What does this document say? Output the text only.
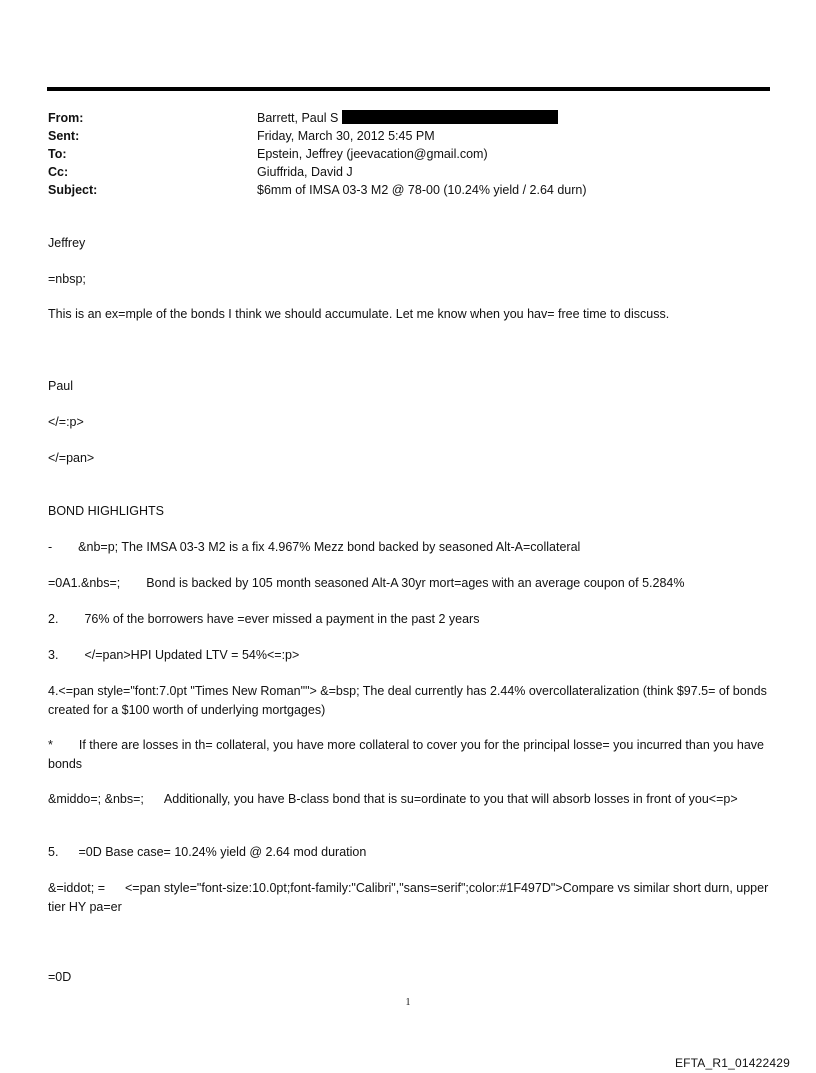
From:	Barrett, Paul S
Sent:	Friday, March 30, 2012 5:45 PM
To:	Epstein, Jeffrey (jeevacation@gmail.com)
Cc:	Giuffrida, David J
Subject:	$6mm of IMSA 03-3 M2 @ 78-00 (10.24% yield / 2.64 durn)
Jeffrey
=nbsp;
This is an ex=mple of the bonds I think we should accumulate. Let me know when you hav= free time to discuss.
Paul
</=:p>
</=pan>
BOND HIGHLIGHTS
- &nb=p; The IMSA 03-3 M2 is a fix 4.967% Mezz bond backed by seasoned Alt-A=collateral
=0A1.&nbs=; Bond is backed by 105 month seasoned Alt-A 30yr mort=ages with an average coupon of 5.284%
2. 76% of the borrowers have =ever missed a payment in the past 2 years
3. </=pan>HPI Updated LTV = 54%<=:p>
4.<=pan style="font:7.0pt "Times New Roman""> &=bsp; The deal currently has 2.44% overcollateralization (think $97.5= of bonds created for a $100 worth of underlying mortgages)
* If there are losses in th= collateral, you have more collateral to cover you for the principal losse= you incurred than you have bonds
&middo=; &nbs=; Additionally, you have B-class bond that is su=ordinate to you that will absorb losses in front of you<=p>
5. =0D Base case= 10.24% yield @ 2.64 mod duration
&=iddot; = <=pan style="font-size:10.0pt;font-family:"Calibri","sans=serif";color:#1F497D">Compare vs similar short durn, upper tier HY pa=er
=0D
1
EFTA_R1_01422429
